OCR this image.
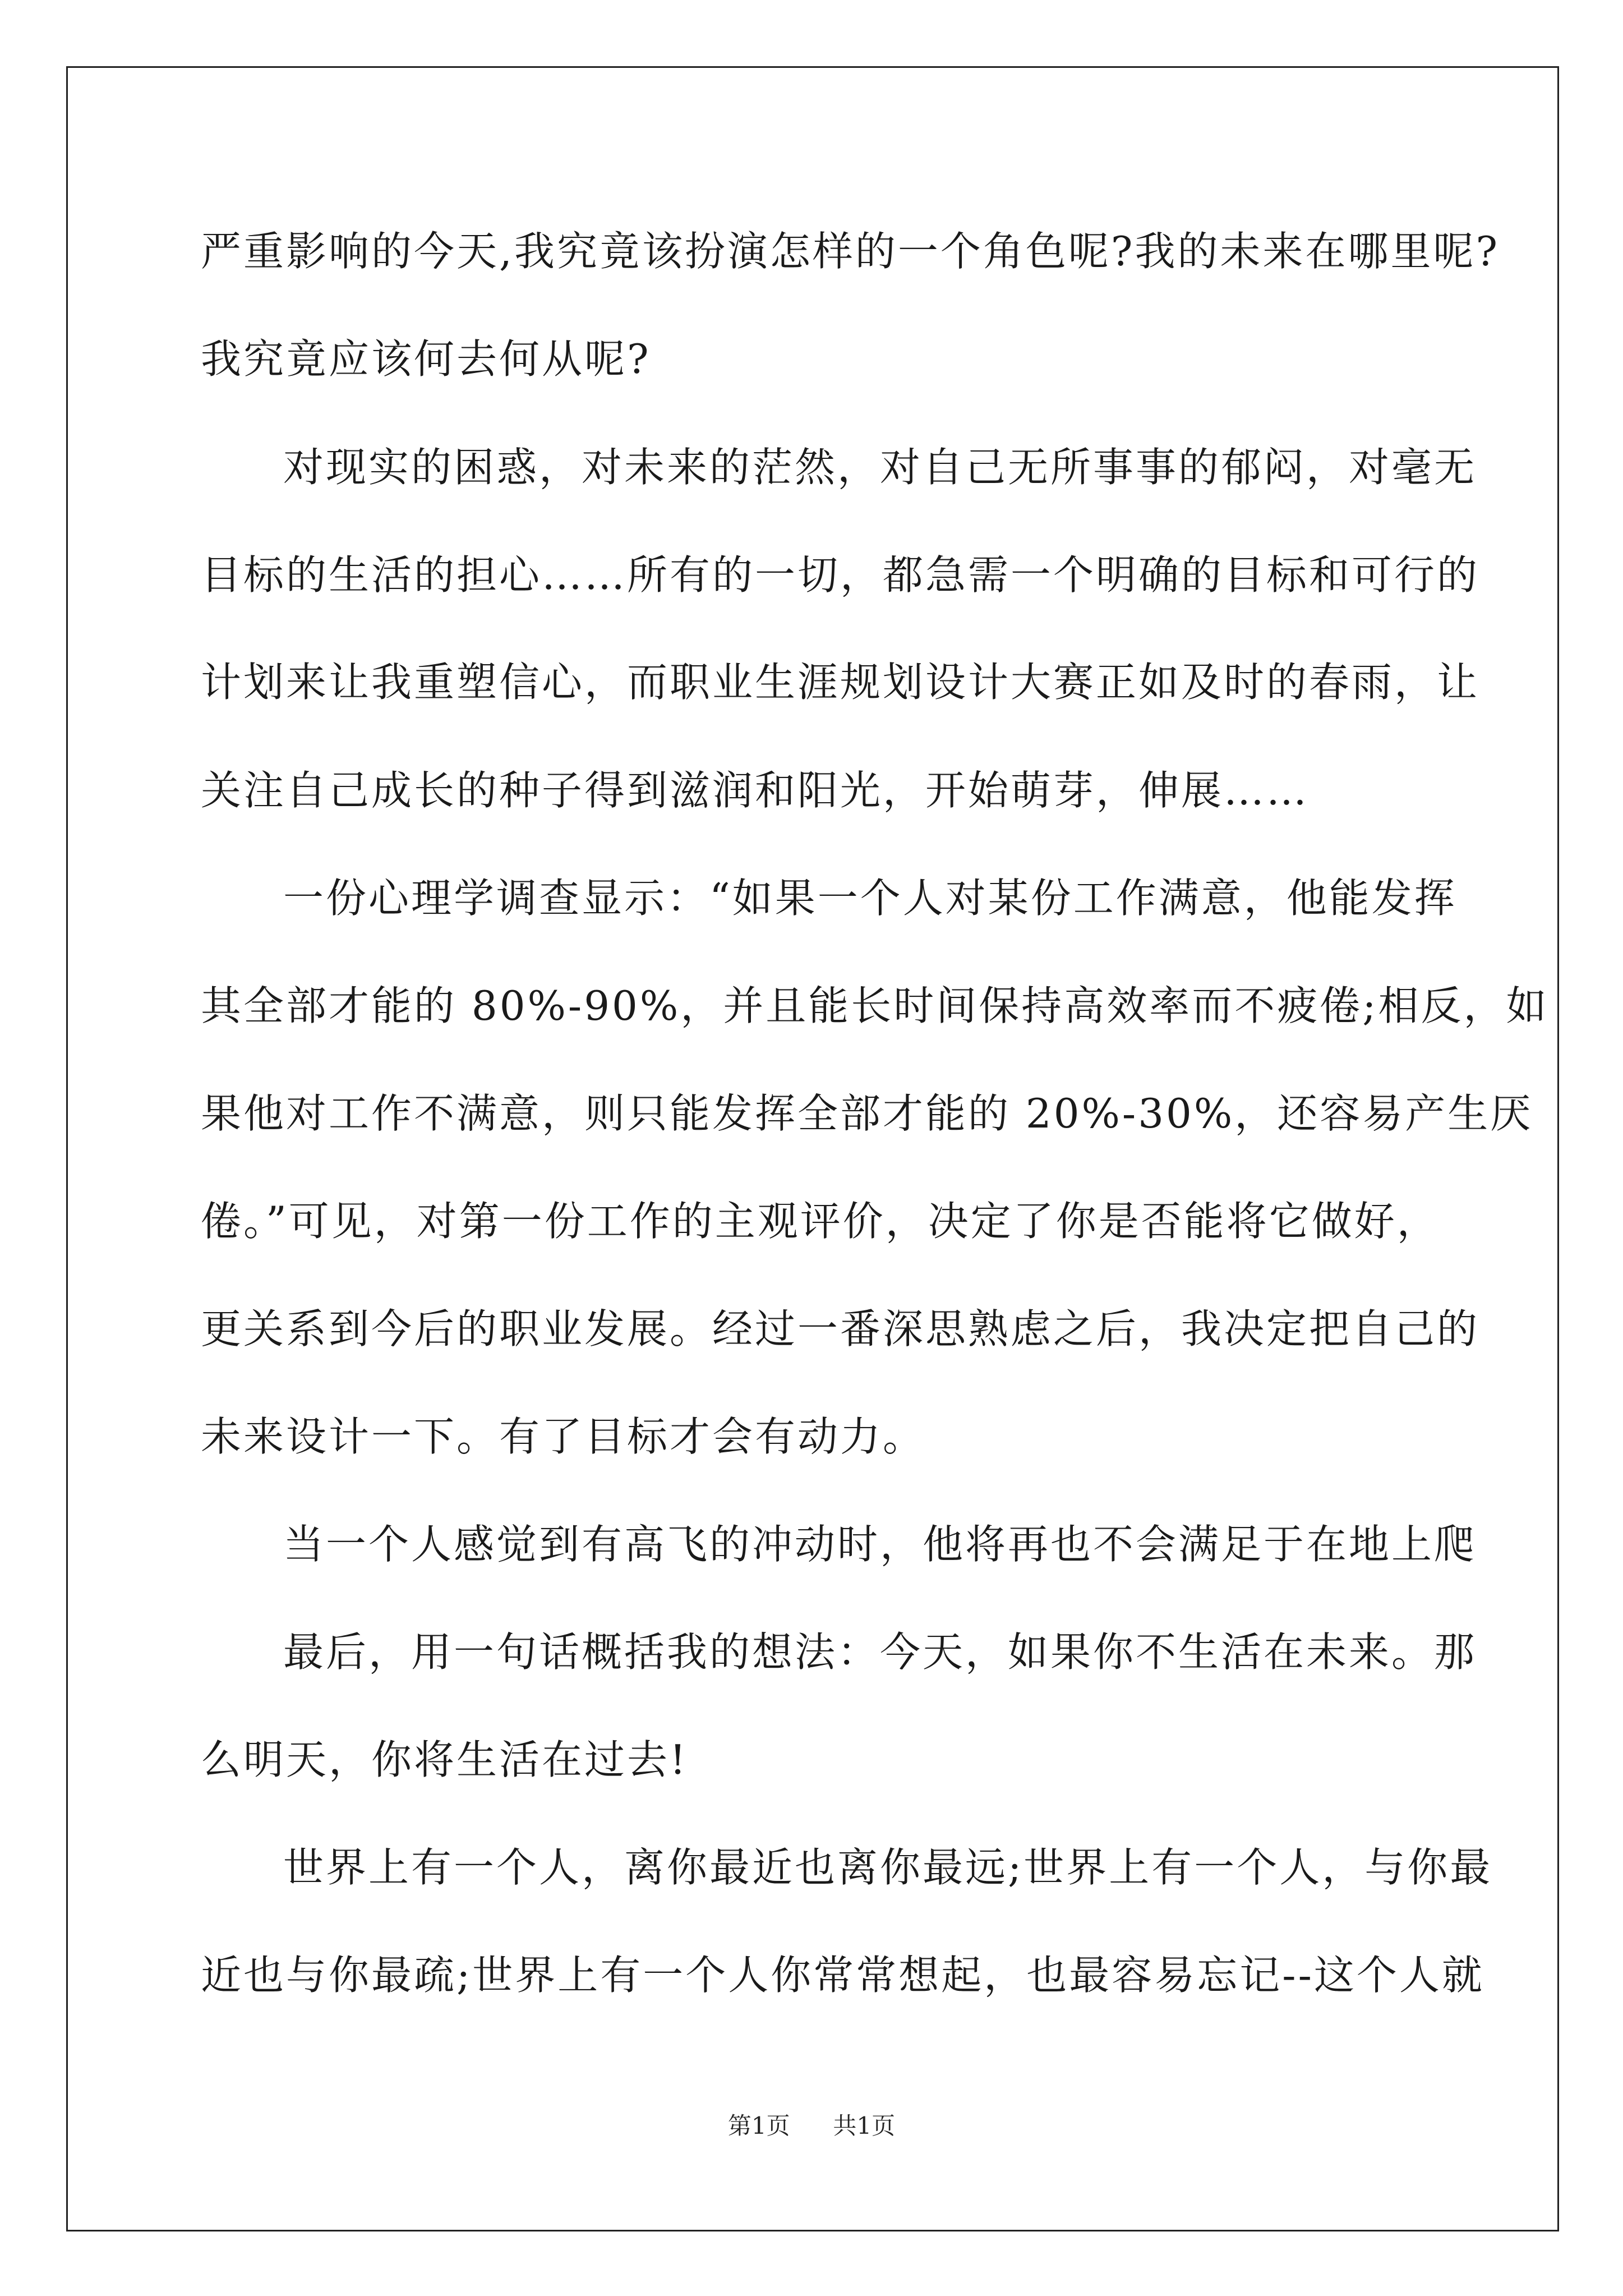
严重影响的今天,我究竟该扮演怎样的一个角色呢?我的未来在哪里呢?
我究竟应该何去何从呢?
对现实的困惑，对未来的茫然，对自己无所事事的郁闷，对毫无
目标的生活的担心……所有的一切，都急需一个明确的目标和可行的
计划来让我重塑信心，而职业生涯规划设计大赛正如及时的春雨，让
关注自己成长的种子得到滋润和阳光，开始萌芽，伸展……
一份心理学调查显示：“如果一个人对某份工作满意，他能发挥
其全部才能的 80%-90%，并且能长时间保持高效率而不疲倦;相反，如
果他对工作不满意，则只能发挥全部才能的 20%-30%，还容易产生厌
倦。”可见，对第一份工作的主观评价，决定了你是否能将它做好，
更关系到今后的职业发展。经过一番深思熟虑之后，我决定把自己的
未来设计一下。有了目标才会有动力。
当一个人感觉到有高飞的冲动时，他将再也不会满足于在地上爬
最后，用一句话概括我的想法：今天，如果你不生活在未来。那
么明天，你将生活在过去!
世界上有一个人，离你最近也离你最远;世界上有一个人，与你最
近也与你最疏;世界上有一个人你常常想起，也最容易忘记--这个人就
第1页 共1页
